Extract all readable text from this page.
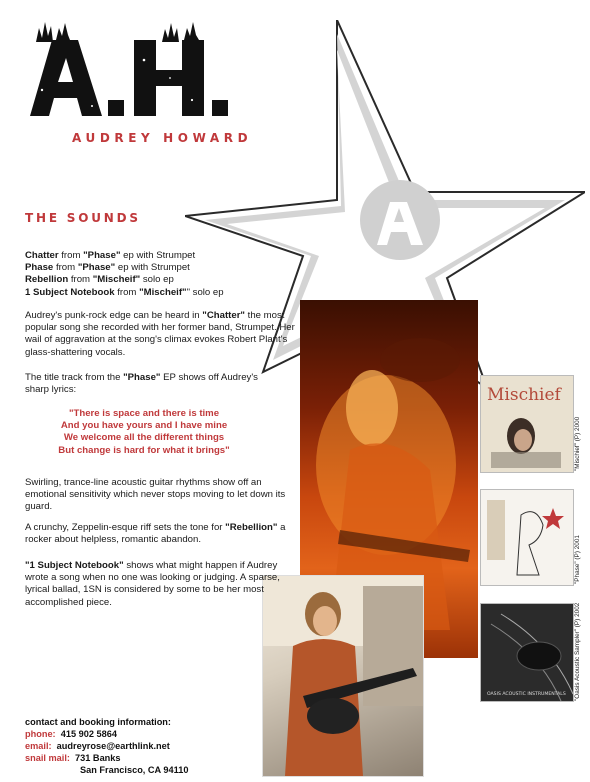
A.H.
AUDREY HOWARD
THE SOUNDS
Chatter from "Phase" ep with Strumpet
Phase from "Phase" ep with Strumpet
Rebellion from "Mischeif" solo ep
1 Subject Notebook from "Mischeif"" solo ep
Audrey's punk-rock edge can be heard in "Chatter" the most popular song she recorded with her former band, Strumpet. Her wail of aggravation at the song's climax evokes Robert Plant's glass-shattering vocals.
The title track from the "Phase" EP shows off Audrey's sharp lyrics:
"There is space and there is time
And you have yours and I have mine
We welcome all the different things
But change is hard for what it brings"
Swirling, trance-line acoustic guitar rhythms show off an emotional sensitivity which never stops moving to let down its guard.
A crunchy, Zeppelin-esque riff sets the tone for "Rebellion" a rocker about helpless, romantic abandon.
"1 Subject Notebook" shows what might happen if Audrey wrote a song when no one was looking or judging. A sparse, lyrical ballad, 1SN is considered by some to be her most accomplished piece.
Mischief
"Mischief" (P) 2000
"Phase" (P) 2001
OASIS ACOUSTIC INSTRUMENTALS "Oasis Acoustic Sampler" (P) 2002
contact and booking information:
phone: 415 902 5864
email: audreyrose@earthlink.net
snail mail: 731 Banks
San Francisco, CA 94110
